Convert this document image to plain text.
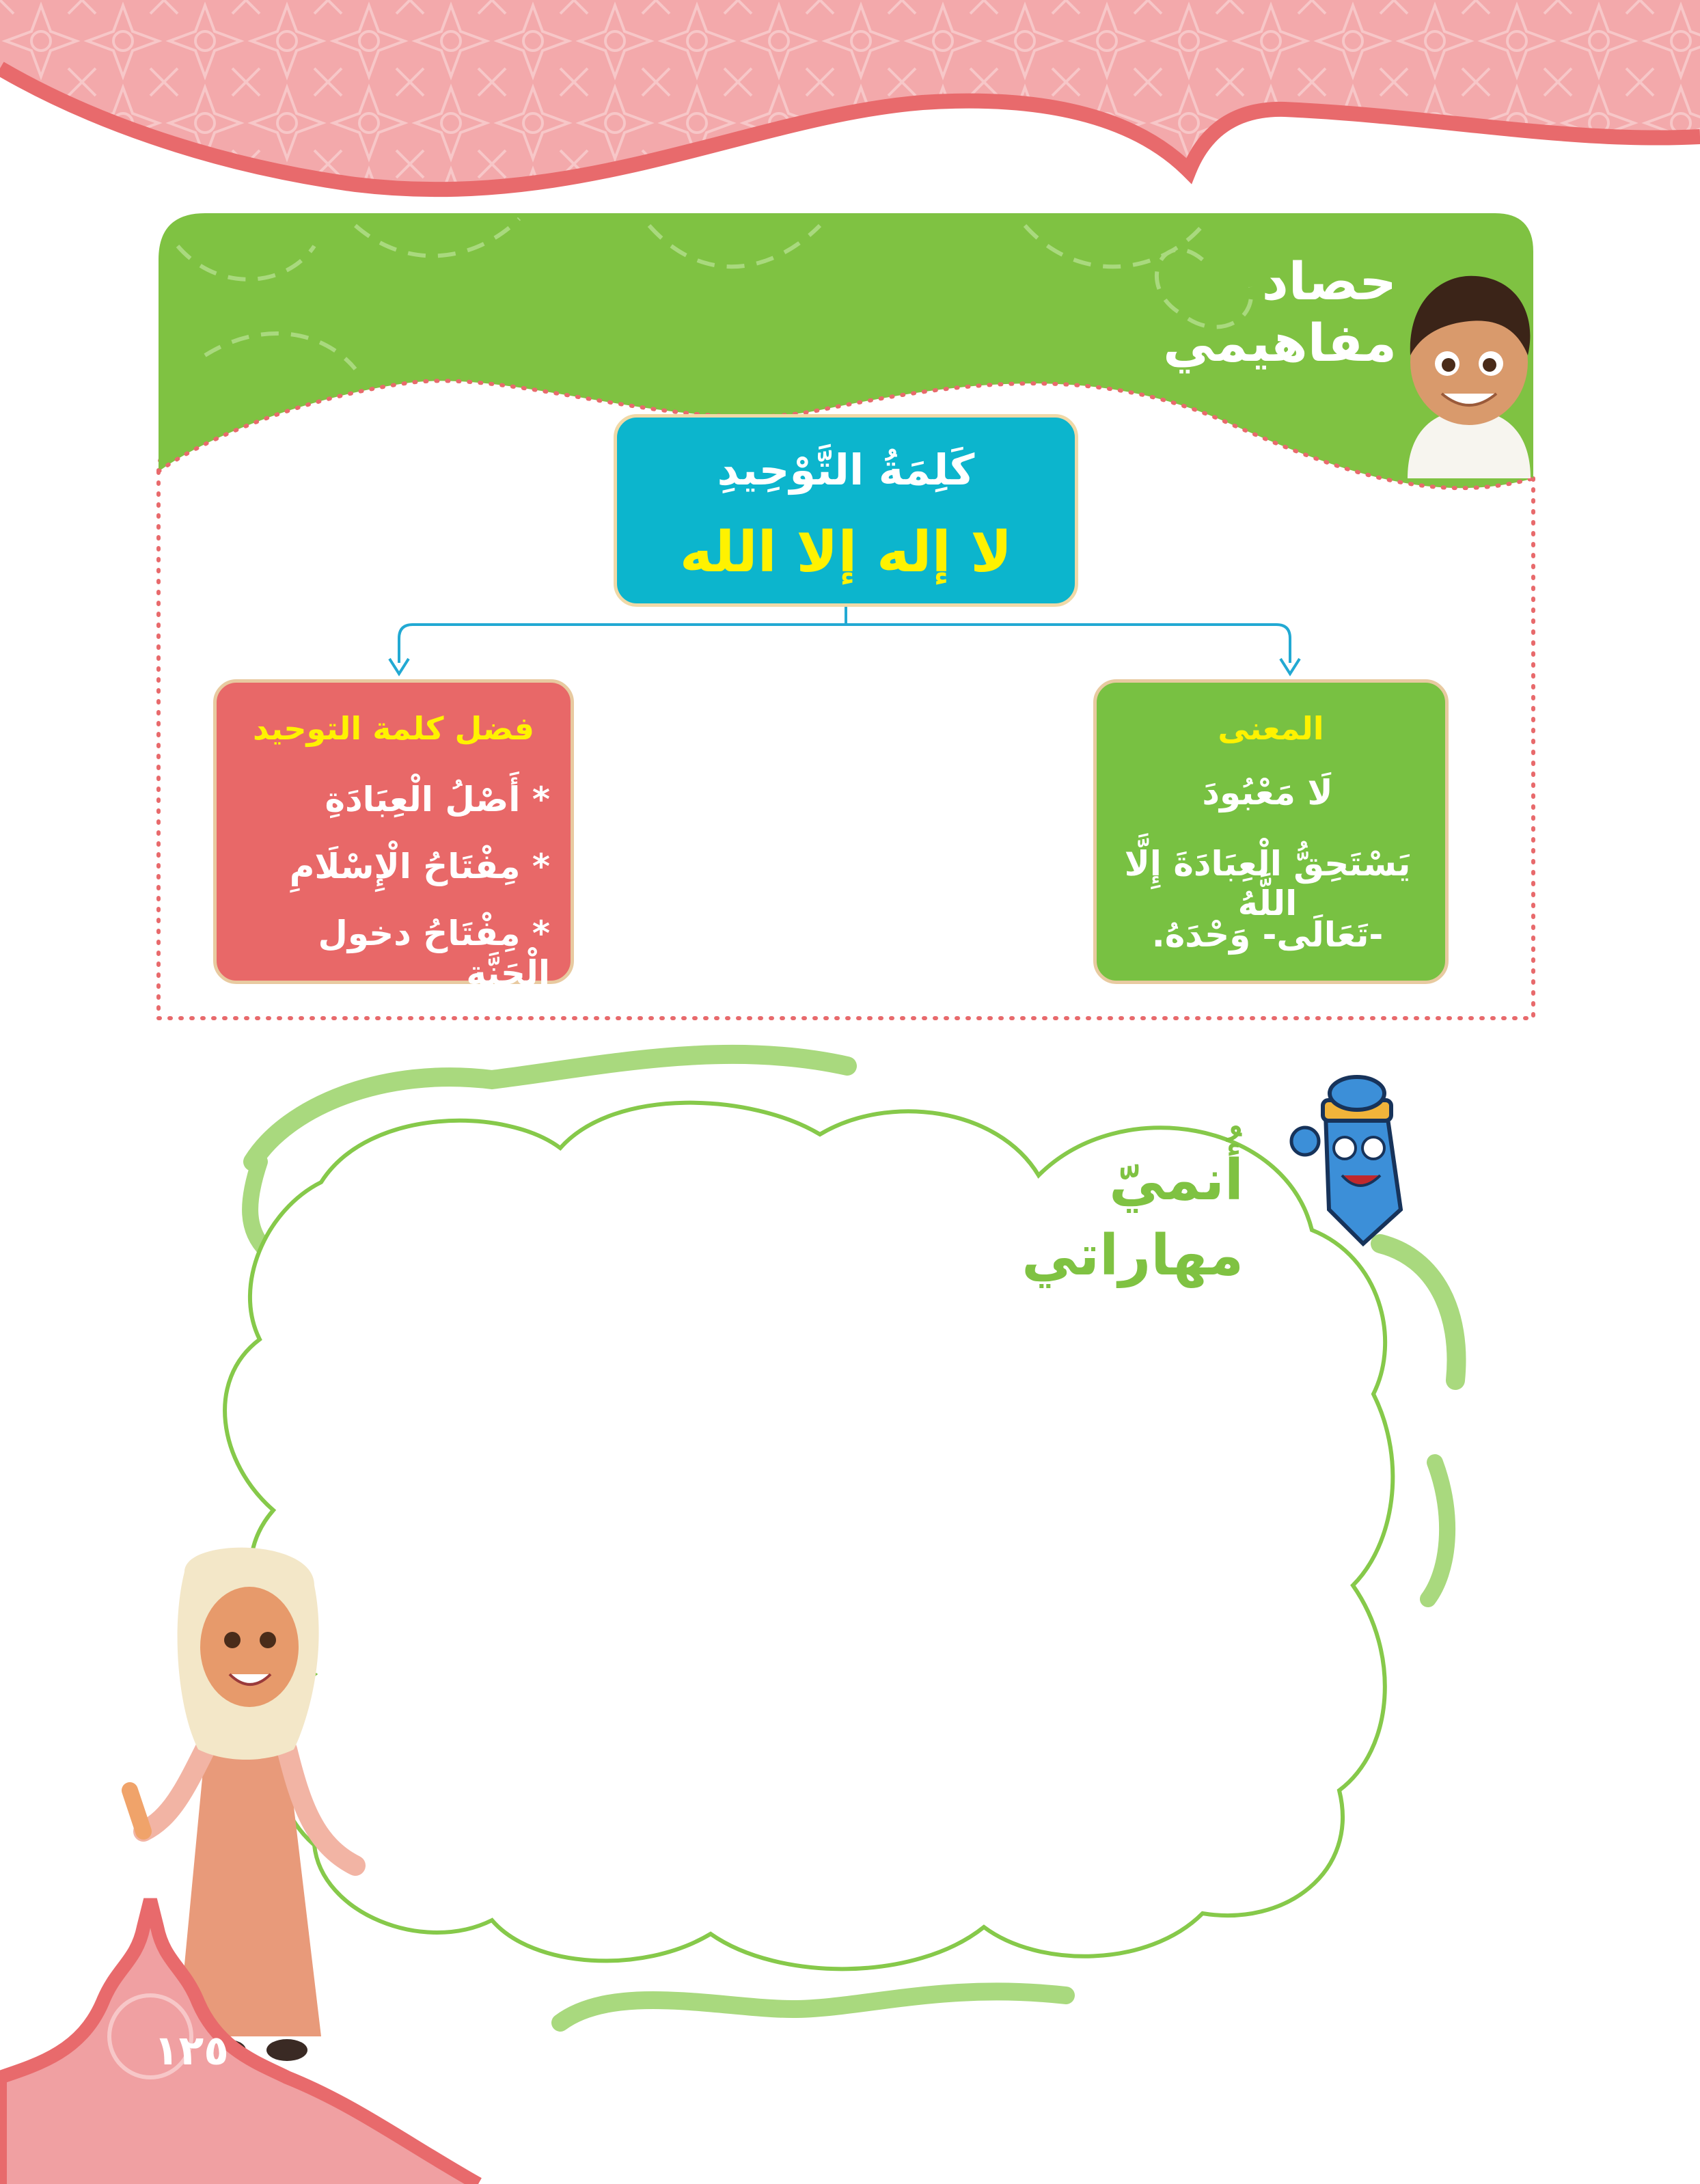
حصاد
مفاهيمي
كَلِمَةُ التَّوْحِيدِ
لا إله إلا الله
المعنى
لَا مَعْبُودَ
يَسْتَحِقُّ الْعِبَادَةَ إِلَّا اللَّهُ
-تَعَالَى- وَحْدَهُ.
فضل كلمة التوحيد
* أَصْلُ الْعِبَادَةِ
* مِفْتَاحُ الْإِسْلَامِ
* مِفْتَاحُ دخول الْجَنَّةِ
أُنميّ
مهاراتي
١٢٥
